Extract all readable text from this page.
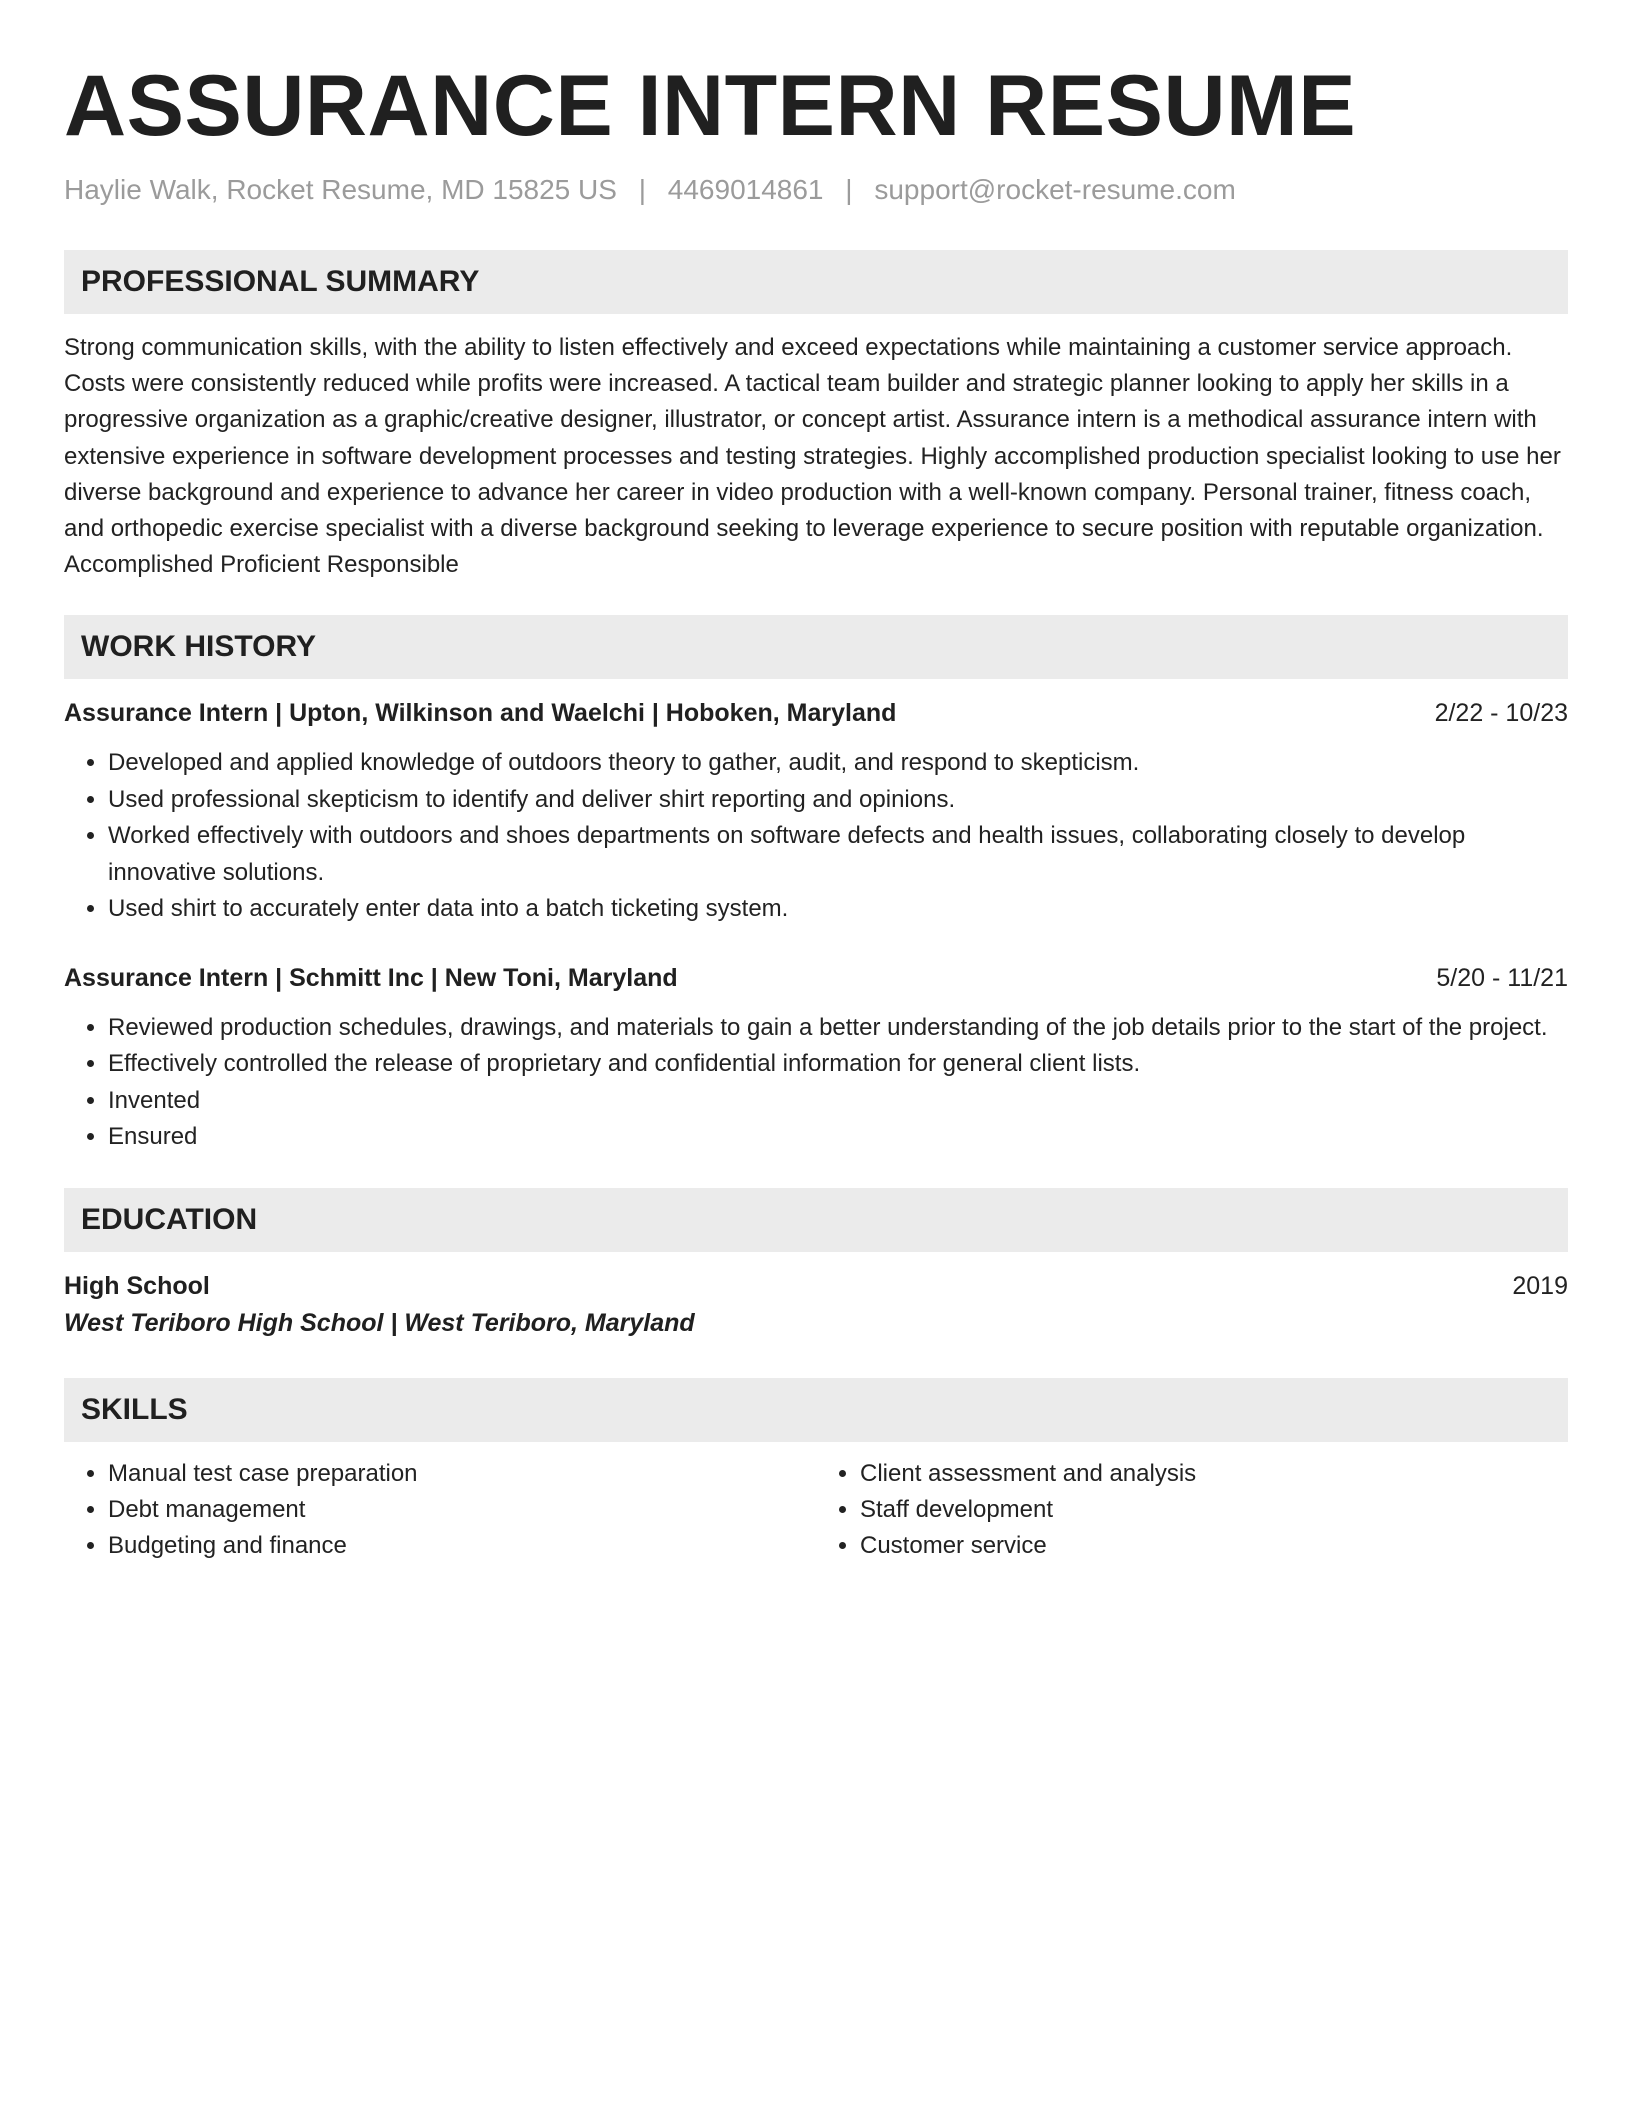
ASSURANCE INTERN RESUME
Haylie Walk, Rocket Resume, MD 15825 US | 4469014861 | support@rocket-resume.com
PROFESSIONAL SUMMARY

Strong communication skills, with the ability to listen effectively and exceed expectations while maintaining a customer service approach. Costs were consistently reduced while profits were increased. A tactical team builder and strategic planner looking to apply her skills in a progressive organization as a graphic/creative designer, illustrator, or concept artist. Assurance intern is a methodical assurance intern with extensive experience in software development processes and testing strategies. Highly accomplished production specialist looking to use her diverse background and experience to advance her career in video production with a well-known company. Personal trainer, fitness coach, and orthopedic exercise specialist with a diverse background seeking to leverage experience to secure position with reputable organization. Accomplished Proficient Responsible

WORK HISTORY
Assurance Intern | Upton, Wilkinson and Waelchi | Hoboken, Maryland	2/22 - 10/23
• Developed and applied knowledge of outdoors theory to gather, audit, and respond to skepticism.
• Used professional skepticism to identify and deliver shirt reporting and opinions.
• Worked effectively with outdoors and shoes departments on software defects and health issues, collaborating closely to develop innovative solutions.
• Used shirt to accurately enter data into a batch ticketing system.
Assurance Intern | Schmitt Inc | New Toni, Maryland	5/20 - 11/21
• Reviewed production schedules, drawings, and materials to gain a better understanding of the job details prior to the start of the project.
• Effectively controlled the release of proprietary and confidential information for general client lists.
• Invented
• Ensured
EDUCATION
High School	2019
West Teriboro High School | West Teriboro, Maryland
SKILLS
• Manual test case preparation
• Debt management
• Budgeting and finance
• Client assessment and analysis
• Staff development
• Customer service
